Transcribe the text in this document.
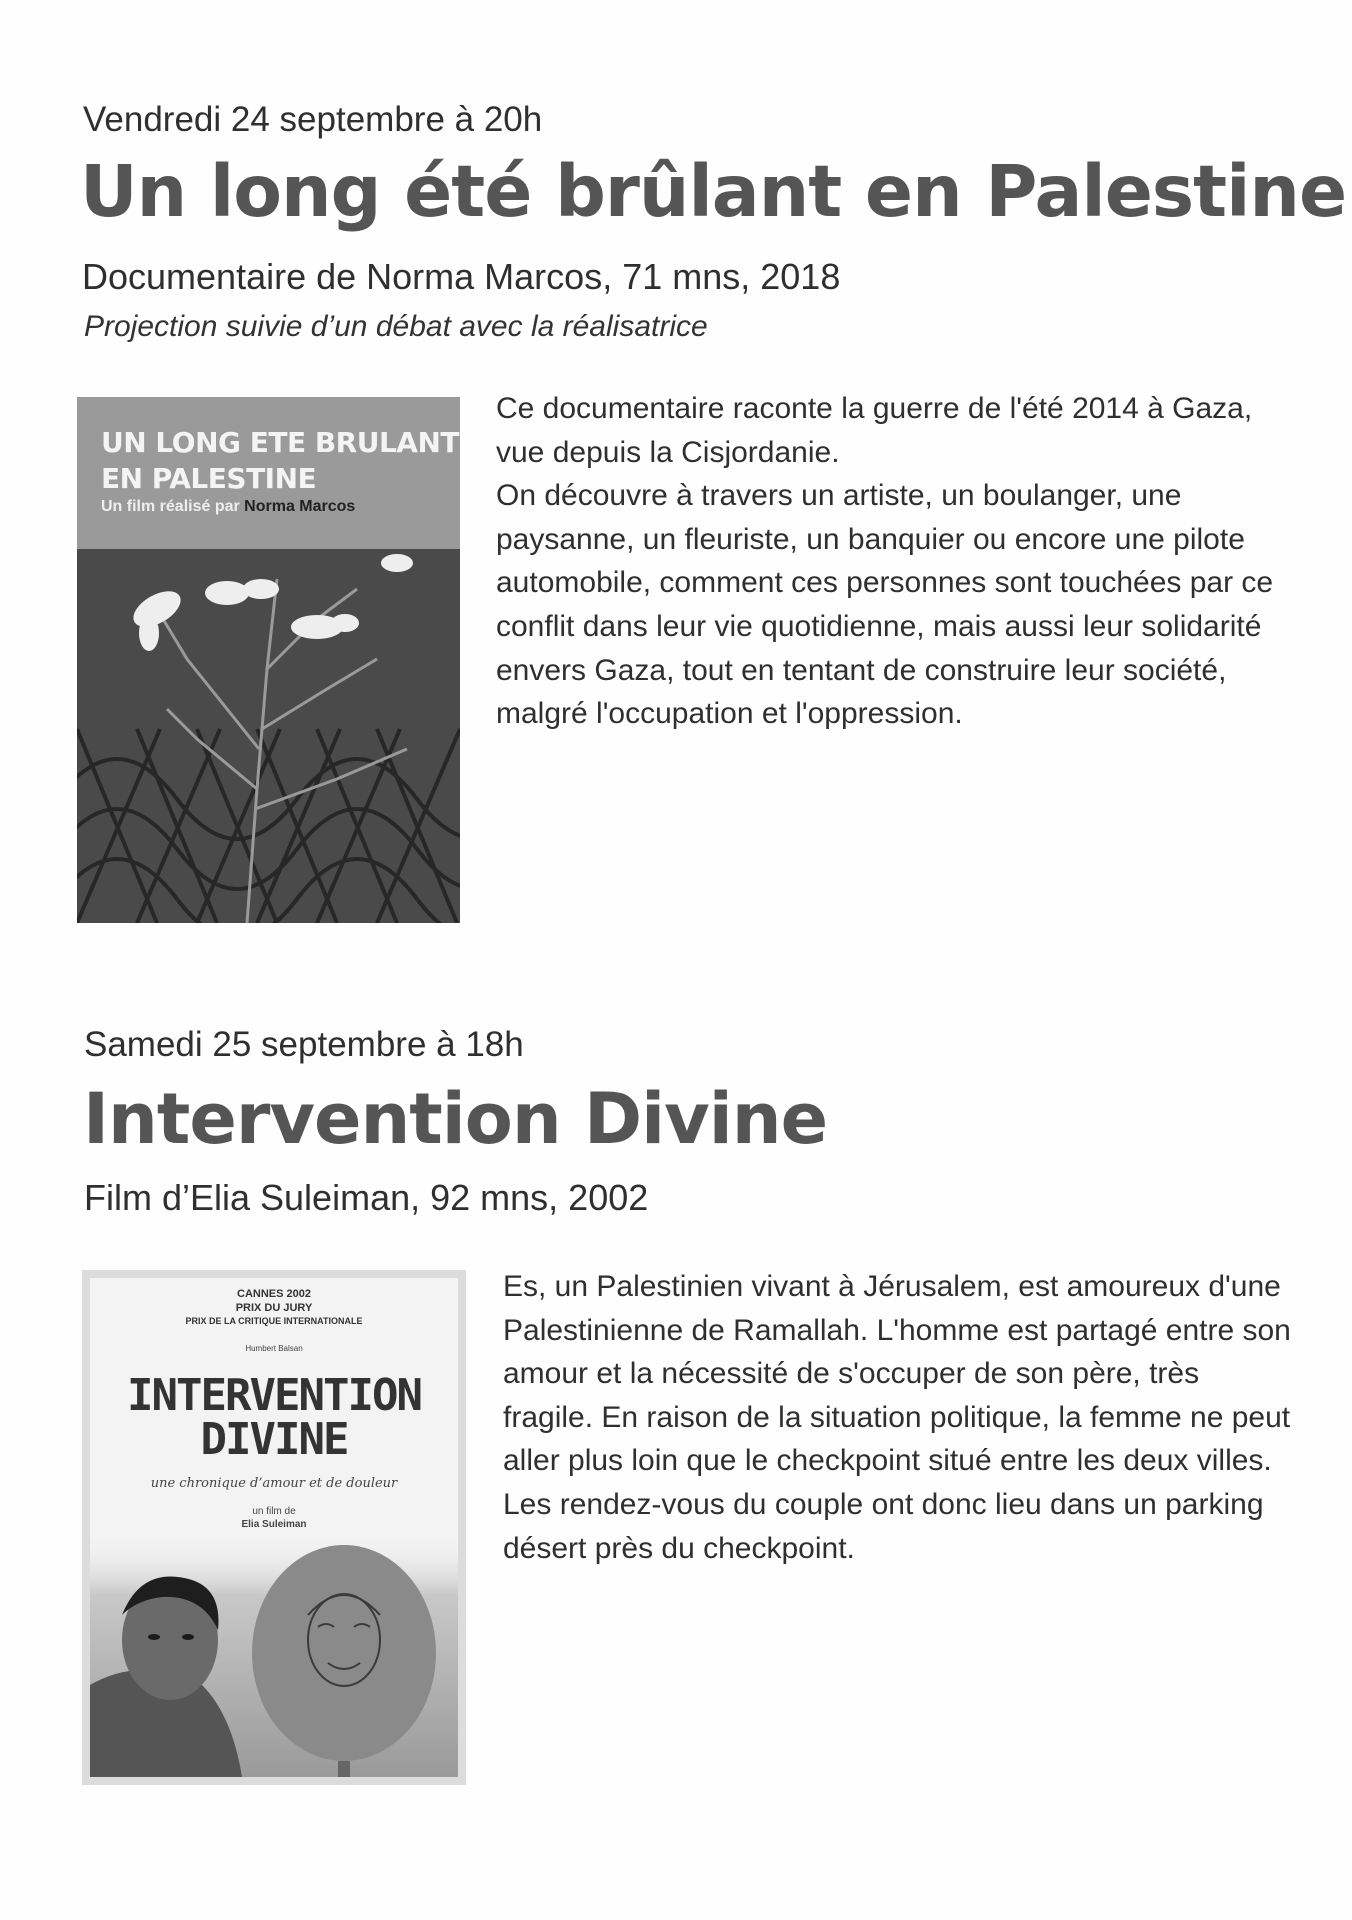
Vendredi 24 septembre à 20h
Un long été brûlant en Palestine
Documentaire de Norma Marcos, 71 mns, 2018
Projection suivie d’un débat avec la réalisatrice
UN LONG ETE BRULANT
EN PALESTINE
Un film réalisé par Norma Marcos

Ce documentaire raconte la guerre de l'été 2014 à Gaza, vue depuis la Cisjordanie.

On découvre à travers un artiste, un boulanger, une paysanne, un fleuriste, un banquier ou encore une pilote automobile, comment ces personnes sont touchées par ce conflit dans leur vie quotidienne, mais aussi leur solidarité envers Gaza, tout en tentant de construire leur société, malgré l'occupation et l'oppression.

Samedi 25 septembre à 18h
Intervention Divine
Film d’Elia Suleiman, 92 mns, 2002
CANNES 2002
PRIX DU JURY
PRIX DE LA CRITIQUE INTERNATIONALE
Humbert Balsan
INTERVENTION
DIVINE
une chronique d’amour et de douleur
un film de
Elia Suleiman

Es, un Palestinien vivant à Jérusalem, est amoureux d'une Palestinienne de Ramallah. L'homme est partagé entre son amour et la nécessité de s'occuper de son père, très fragile. En raison de la situation politique, la femme ne peut aller plus loin que le checkpoint situé entre les deux villes. Les rendez-vous du couple ont donc lieu dans un parking désert près du checkpoint.
